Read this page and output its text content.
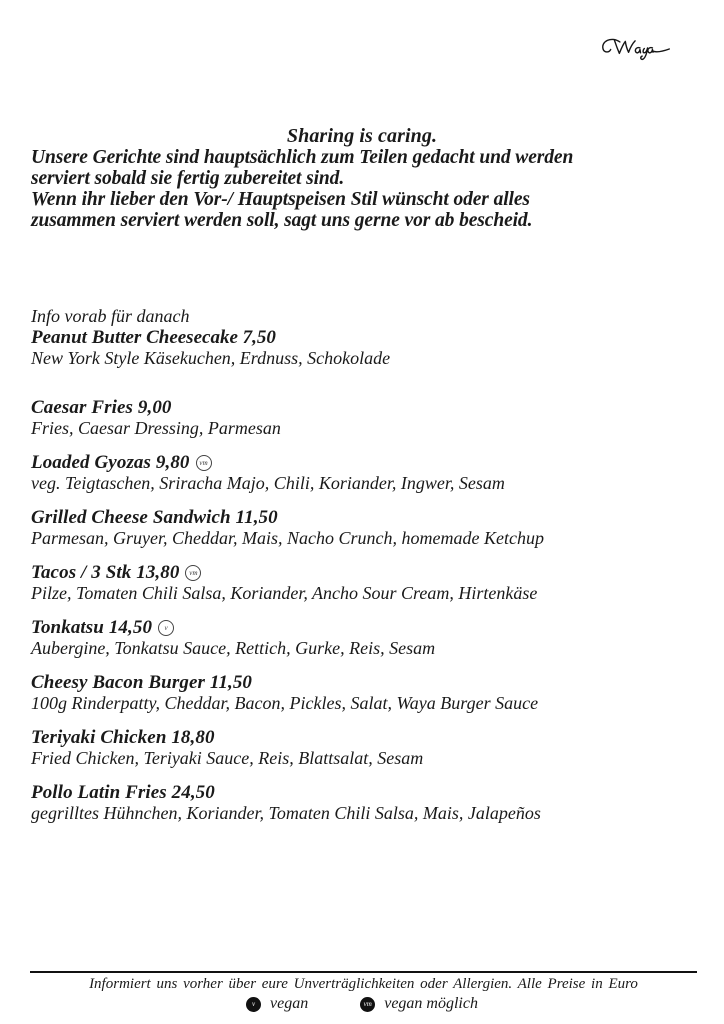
Sharing is caring.
Unsere Gerichte sind hauptsächlich zum Teilen gedacht und werden
serviert sobald sie fertig zubereitet sind.
Wenn ihr lieber den Vor-/ Hauptspeisen Stil wünscht oder alles
zusammen serviert werden soll, sagt uns gerne vor ab bescheid.
Info vorab für danach
Peanut Butter Cheesecake 7,50
New York Style Käsekuchen, Erdnuss, Schokolade
Caesar Fries 9,00
Fries, Caesar Dressing, Parmesan
Loaded Gyozas 9,80 vm
veg. Teigtaschen, Sriracha Majo, Chili, Koriander, Ingwer, Sesam
Grilled Cheese Sandwich 11,50
Parmesan, Gruyer, Cheddar, Mais, Nacho Crunch, homemade Ketchup
Tacos / 3 Stk 13,80 vm
Pilze, Tomaten Chili Salsa, Koriander, Ancho Sour Cream, Hirtenkäse
Tonkatsu 14,50 v
Aubergine, Tonkatsu Sauce, Rettich, Gurke, Reis, Sesam
Cheesy Bacon Burger 11,50
100g Rinderpatty, Cheddar, Bacon, Pickles, Salat, Waya Burger Sauce
Teriyaki Chicken 18,80
Fried Chicken, Teriyaki Sauce, Reis, Blattsalat, Sesam
Pollo Latin Fries 24,50
gegrilltes Hühnchen, Koriander, Tomaten Chili Salsa, Mais, Jalapeños
Informiert uns vorher über eure Unverträglichkeiten oder Allergien. Alle Preise in Euro
v vegan	vm vegan möglich
